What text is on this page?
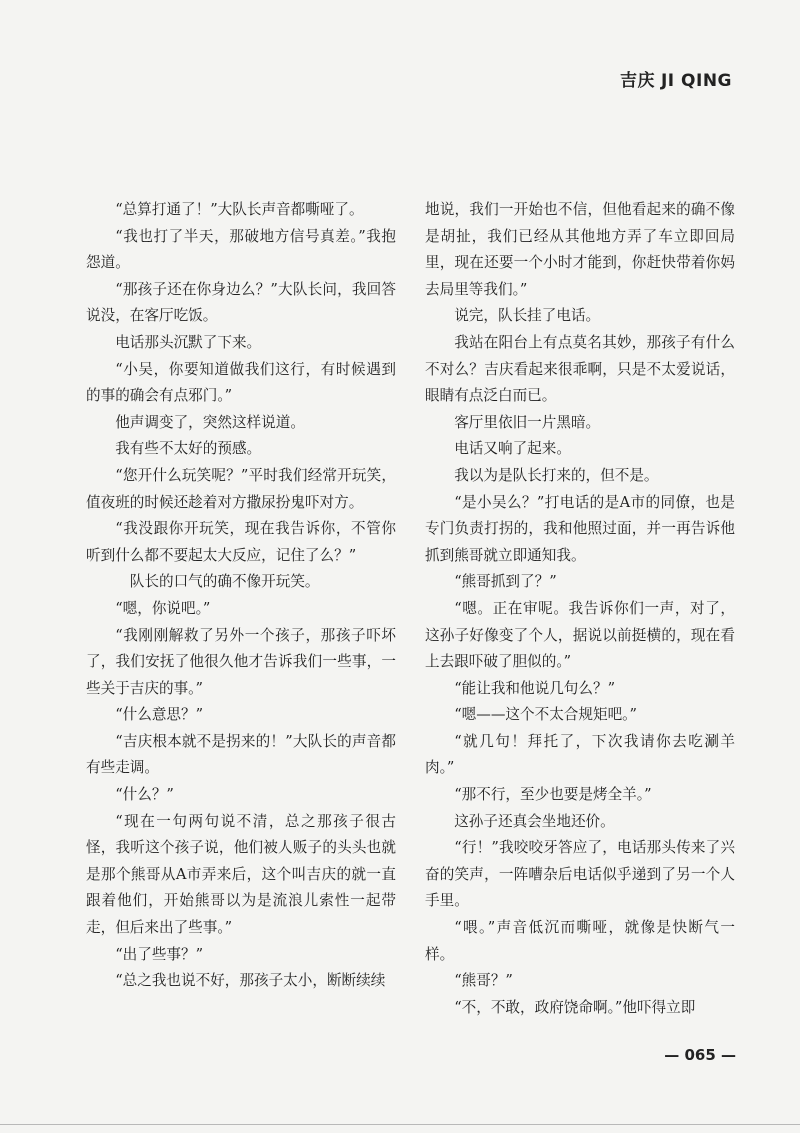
吉庆 JI QING

“总算打通了！”大队长声音都嘶哑了。

“我也打了半天，那破地方信号真差。”我抱怨道。

“那孩子还在你身边么？”大队长问，我回答说没，在客厅吃饭。

电话那头沉默了下来。

“小吴，你要知道做我们这行，有时候遇到的事的确会有点邪门。”

他声调变了，突然这样说道。

我有些不太好的预感。

“您开什么玩笑呢？”平时我们经常开玩笑，值夜班的时候还趁着对方撒尿扮鬼吓对方。

“我没跟你开玩笑，现在我告诉你，不管你听到什么都不要起太大反应，记住了么？”

队长的口气的确不像开玩笑。

“嗯，你说吧。”

“我刚刚解救了另外一个孩子，那孩子吓坏了，我们安抚了他很久他才告诉我们一些事，一些关于吉庆的事。”

“什么意思？”

“吉庆根本就不是拐来的！”大队长的声音都有些走调。

“什么？”

“现在一句两句说不清，总之那孩子很古怪，我听这个孩子说，他们被人贩子的头头也就是那个熊哥从A市弄来后，这个叫吉庆的就一直跟着他们，开始熊哥以为是流浪儿索性一起带走，但后来出了些事。”

“出了些事？”

“总之我也说不好，那孩子太小，断断续续

地说，我们一开始也不信，但他看起来的确不像是胡扯，我们已经从其他地方弄了车立即回局里，现在还要一个小时才能到，你赶快带着你妈去局里等我们。”

说完，队长挂了电话。

我站在阳台上有点莫名其妙，那孩子有什么不对么？吉庆看起来很乖啊，只是不太爱说话，眼睛有点泛白而已。

客厅里依旧一片黑暗。

电话又响了起来。

我以为是队长打来的，但不是。

“是小吴么？”打电话的是A市的同僚，也是专门负责打拐的，我和他照过面，并一再告诉他抓到熊哥就立即通知我。

“熊哥抓到了？”

“嗯。正在审呢。我告诉你们一声，对了，这孙子好像变了个人，据说以前挺横的，现在看上去跟吓破了胆似的。”

“能让我和他说几句么？”

“嗯——这个不太合规矩吧。”

“就几句！拜托了，下次我请你去吃涮羊肉。”

“那不行，至少也要是烤全羊。”

这孙子还真会坐地还价。

“行！”我咬咬牙答应了，电话那头传来了兴奋的笑声，一阵嘈杂后电话似乎递到了另一个人手里。

“喂。”声音低沉而嘶哑，就像是快断气一样。

“熊哥？”

“不，不敢，政府饶命啊。”他吓得立即

— 065 —
